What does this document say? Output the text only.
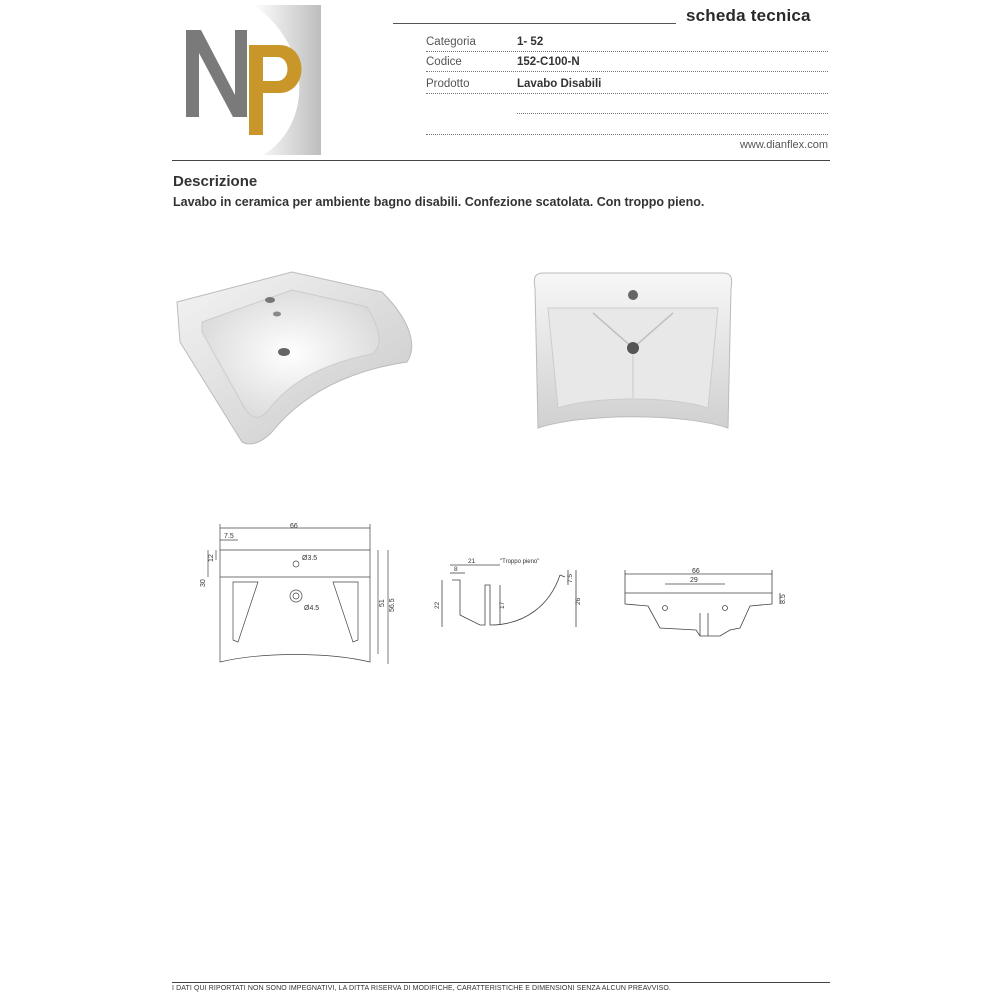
scheda tecnica
Categoria	1- 52
Codice	152-C100-N
Prodotto	Lavabo Disabili
www.dianflex.com
Descrizione
Lavabo in ceramica per ambiente bagno disabili. Confezione scatolata. Con troppo pieno.
66
7.5
Ø3.5
Ø4.5
12
30
51 56.5
21
8
"Troppo pieno"
22	17
7.5
26
66
29
8.5
I DATI QUI RIPORTATI NON SONO IMPEGNATIVI, LA DITTA RISERVA DI MODIFICHE, CARATTERISTICHE E DIMENSIONI SENZA ALCUN PREAVVISO.
